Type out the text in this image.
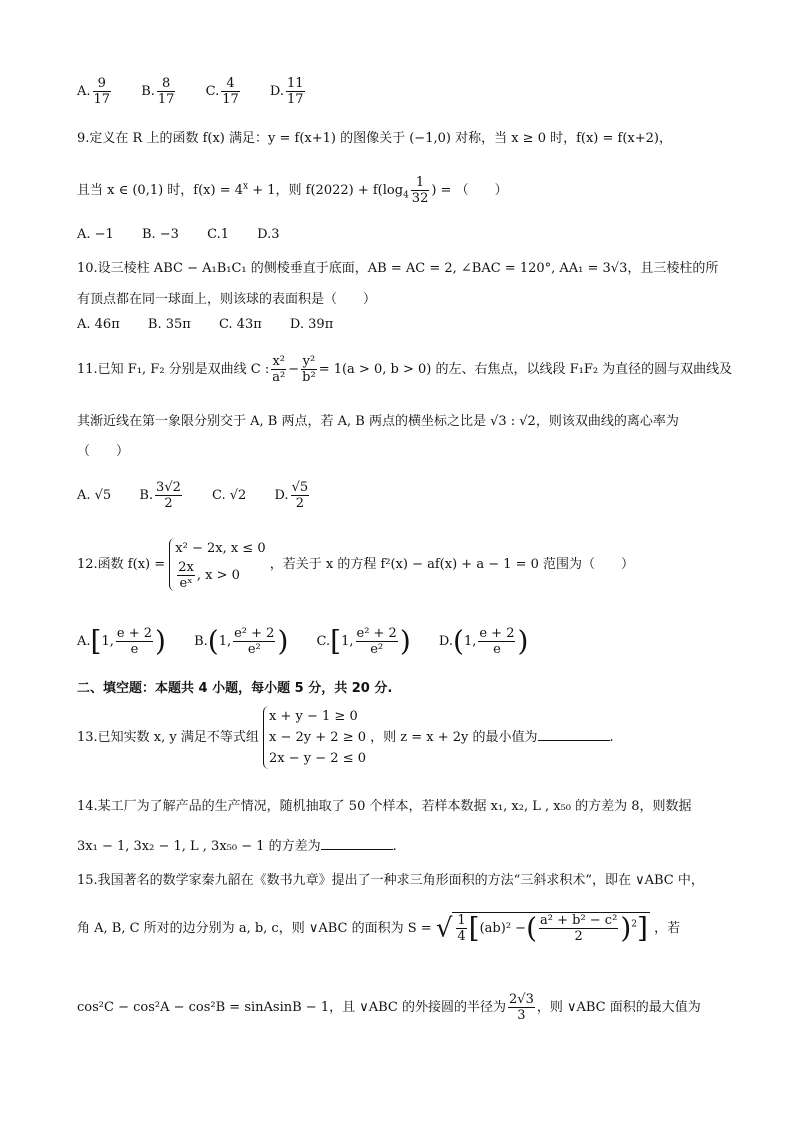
A. $\frac{9}{17} B$. $\frac{8}{17} C$. $\frac{4}{17} D$. $\frac{11}{17}$
9.定义在 R 上的函数 f(x) 满足：y = f(x+1) 的图像关于 (−1,0) 对称，当 x ≥ 0 时，f(x) = f(x+2)，
且当 x ∈ (0,1) 时，$f(x) = 4^x + 1$，则 $f(2022) + f(\log_4 \frac{1}{32}$ ) = （　　）
A. −1 B. −3 C.1 D.3
10.设三棱柱 ABC − A₁B₁C₁ 的侧棱垂直于底面，AB = AC = 2, ∠BAC = 120°, AA₁ = 3√3，且三棱柱的所
有顶点都在同一球面上，则该球的表面积是（　　）
A. 46π B. 35π C. 43π D. 39π
11.已知 F₁, F₂ 分别是双曲线 C : $\frac{\text{x²}}{\text{a²}} - \frac{\text{y²}}{\text{b²}} = 1(a > 0$, b > 0) 的左、右焦点，以线段 F₁F₂ 为直径的圆与双曲线及
其渐近线在第一象限分别交于 A, B 两点，若 A, B 两点的横坐标之比是 √3 : √2，则该双曲线的离心率为
（　　）
A. √5 B. $\frac{3√2}{2} C$. √2 D. $\frac{√5}{2}$
12.函数 f(x) =
x² − 2x, x ≤ 0
$\frac{2x}{\text{eˣ}}$ , x > 0
，若关于 x 的方程 f²(x) − af(x) + a − 1 = 0 范围为（　　）
A.[1, $\frac{e + 2}{e}$ ) B.(1, $\frac{\text{e² + 2}}{\text{e²}}$ ) C.[1, $\frac{\text{e² + 2}}{\text{e²}}$ ) D.(1, $\frac{e + 2}{e}$ )
二、填空题：本题共 4 小题，每小题 5 分，共 20 分.
13.已知实数 x, y 满足不等式组
x + y − 1 ≥ 0
x − 2y + 2 ≥ 0
2x − y − 2 ≤ 0
，则 z = x + 2y 的最小值为	.
14.某工厂为了解产品的生产情况，随机抽取了 50 个样本，若样本数据 x₁, x₂, L , x₅₀ 的方差为 8，则数据
3x₁ − 1, 3x₂ − 1, L , 3x₅₀ − 1 的方差为	.
15.我国著名的数学家秦九韶在《数书九章》提出了一种求三角形面积的方法“三斜求积术”，即在 ∨ABC 中，
角 A, B, C 所对的边分别为 a, b, c，则 ∨ABC 的面积为 S = √ $\frac{1}{4} [(ab)^2$ −( $\frac{\text{a² + b² − c²}}{2} )^2$] ，若
cos²C − cos²A − cos²B = sinAsinB − 1，且 ∨ABC 的外接圆的半径为 $\frac{2√3}{3}$ ，则 ∨ABC 面积的最大值为
